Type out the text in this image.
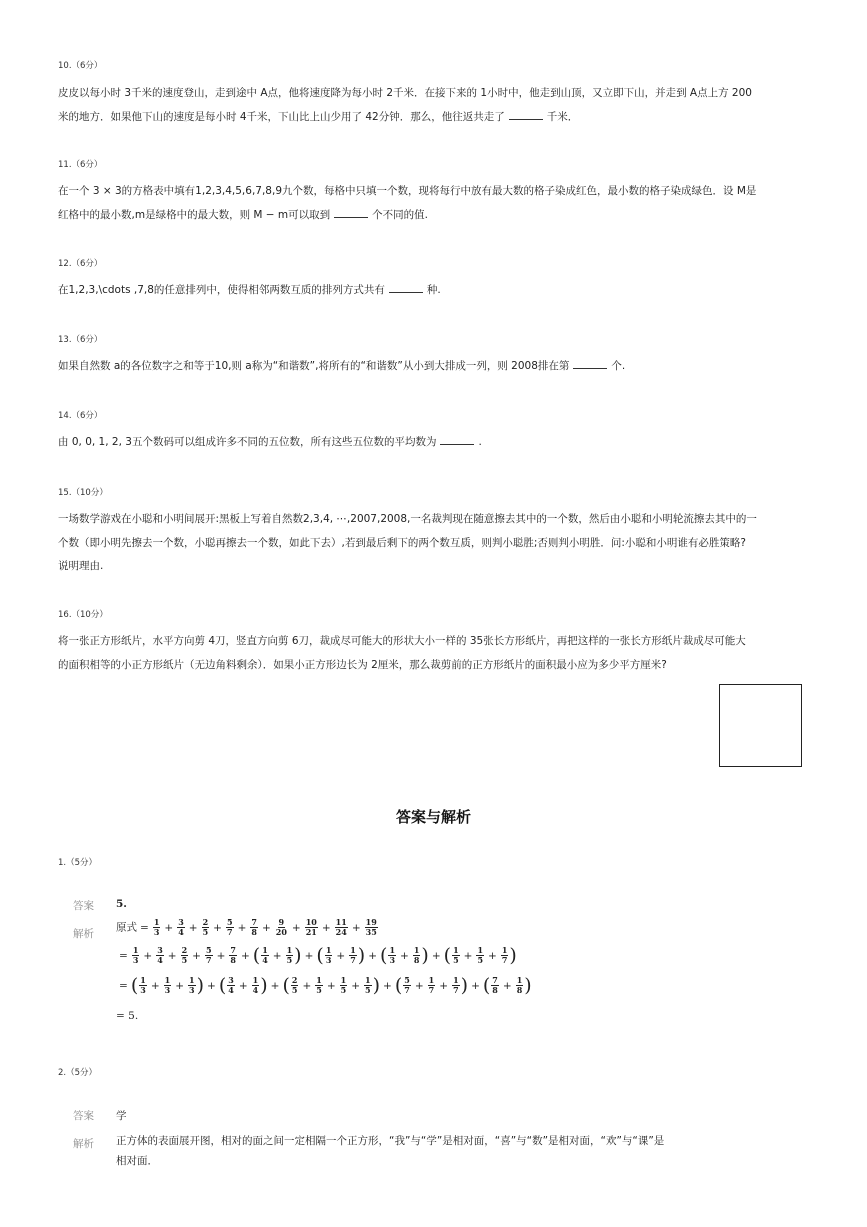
10.（6分）
皮皮以每小时 3千米的速度登山，走到途中 A点，他将速度降为每小时 2千米．在接下来的 1小时中，他走到山顶，又立即下山，并走到 A点上方 200
米的地方．如果他下山的速度是每小时 4千米，下山比上山少用了 42分钟．那么，他往返共走了	千米．
11.（6分）
在一个 3 × 3的方格表中填有1,2,3,4,5,6,7,8,9九个数，每格中只填一个数，现将每行中放有最大数的格子染成红色，最小数的格子染成绿色．设 M是
红格中的最小数,m是绿格中的最大数，则 M − m可以取到	个不同的值.
12.（6分）
在1,2,3,\cdots ,7,8的任意排列中，使得相邻两数互质的排列方式共有	种.
13.（6分）
如果自然数 a的各位数字之和等于10,则 a称为“和谐数”,将所有的“和谐数”从小到大排成一列，则 2008排在第	个.
14.（6分）
由 0, 0, 1, 2, 3五个数码可以组成许多不同的五位数，所有这些五位数的平均数为	.
15.（10分）
一场数学游戏在小聪和小明间展开:黑板上写着自然数2,3,4, ⋯,2007,2008,一名裁判现在随意擦去其中的一个数，然后由小聪和小明轮流擦去其中的一
个数（即小明先擦去一个数，小聪再擦去一个数，如此下去）,若到最后剩下的两个数互质，则判小聪胜;否则判小明胜．问:小聪和小明谁有必胜策略?
说明理由.
16.（10分）
将一张正方形纸片，水平方向剪 4刀，竖直方向剪 6刀，裁成尽可能大的形状大小一样的 35张长方形纸片，再把这样的一张长方形纸片裁成尽可能大
的面积相等的小正方形纸片（无边角料剩余）．如果小正方形边长为 2厘米，那么裁剪前的正方形纸片的面积最小应为多少平方厘米?
答案与解析
1.（5分）
答案 5.
解析
原式 = $\frac{1}{3} + \frac{3}{4} + \frac{2}{5} + \frac{5}{7} + \frac{7}{8} + \frac{9}{20} + \frac{10}{21} + \frac{11}{24} + \frac{19}{35}$
= $\frac{1}{3} + \frac{3}{4} + \frac{2}{5} + \frac{5}{7} + \frac{7}{8}$ + ( $\frac{1}{4} + \frac{1}{5}$ ) + ( $\frac{1}{3} + \frac{1}{7}$ ) + ( $\frac{1}{3} + \frac{1}{8}$ ) + ( $\frac{1}{5} + \frac{1}{5} + \frac{1}{7}$ )
= ( $\frac{1}{3} + \frac{1}{3} + \frac{1}{3}$ ) + ( $\frac{3}{4} + \frac{1}{4}$ ) + ( $\frac{2}{5} + \frac{1}{5} + \frac{1}{5} + \frac{1}{5}$ ) + ( $\frac{5}{7} + \frac{1}{7} + \frac{1}{7}$ ) + ( $\frac{7}{8} + \frac{1}{8}$ )
= 5.
2.（5分）
答案 学
解析 正方体的表面展开图，相对的面之间一定相隔一个正方形，“我”与“学”是相对面，“喜”与“数”是相对面，“欢”与“课”是
相对面．
